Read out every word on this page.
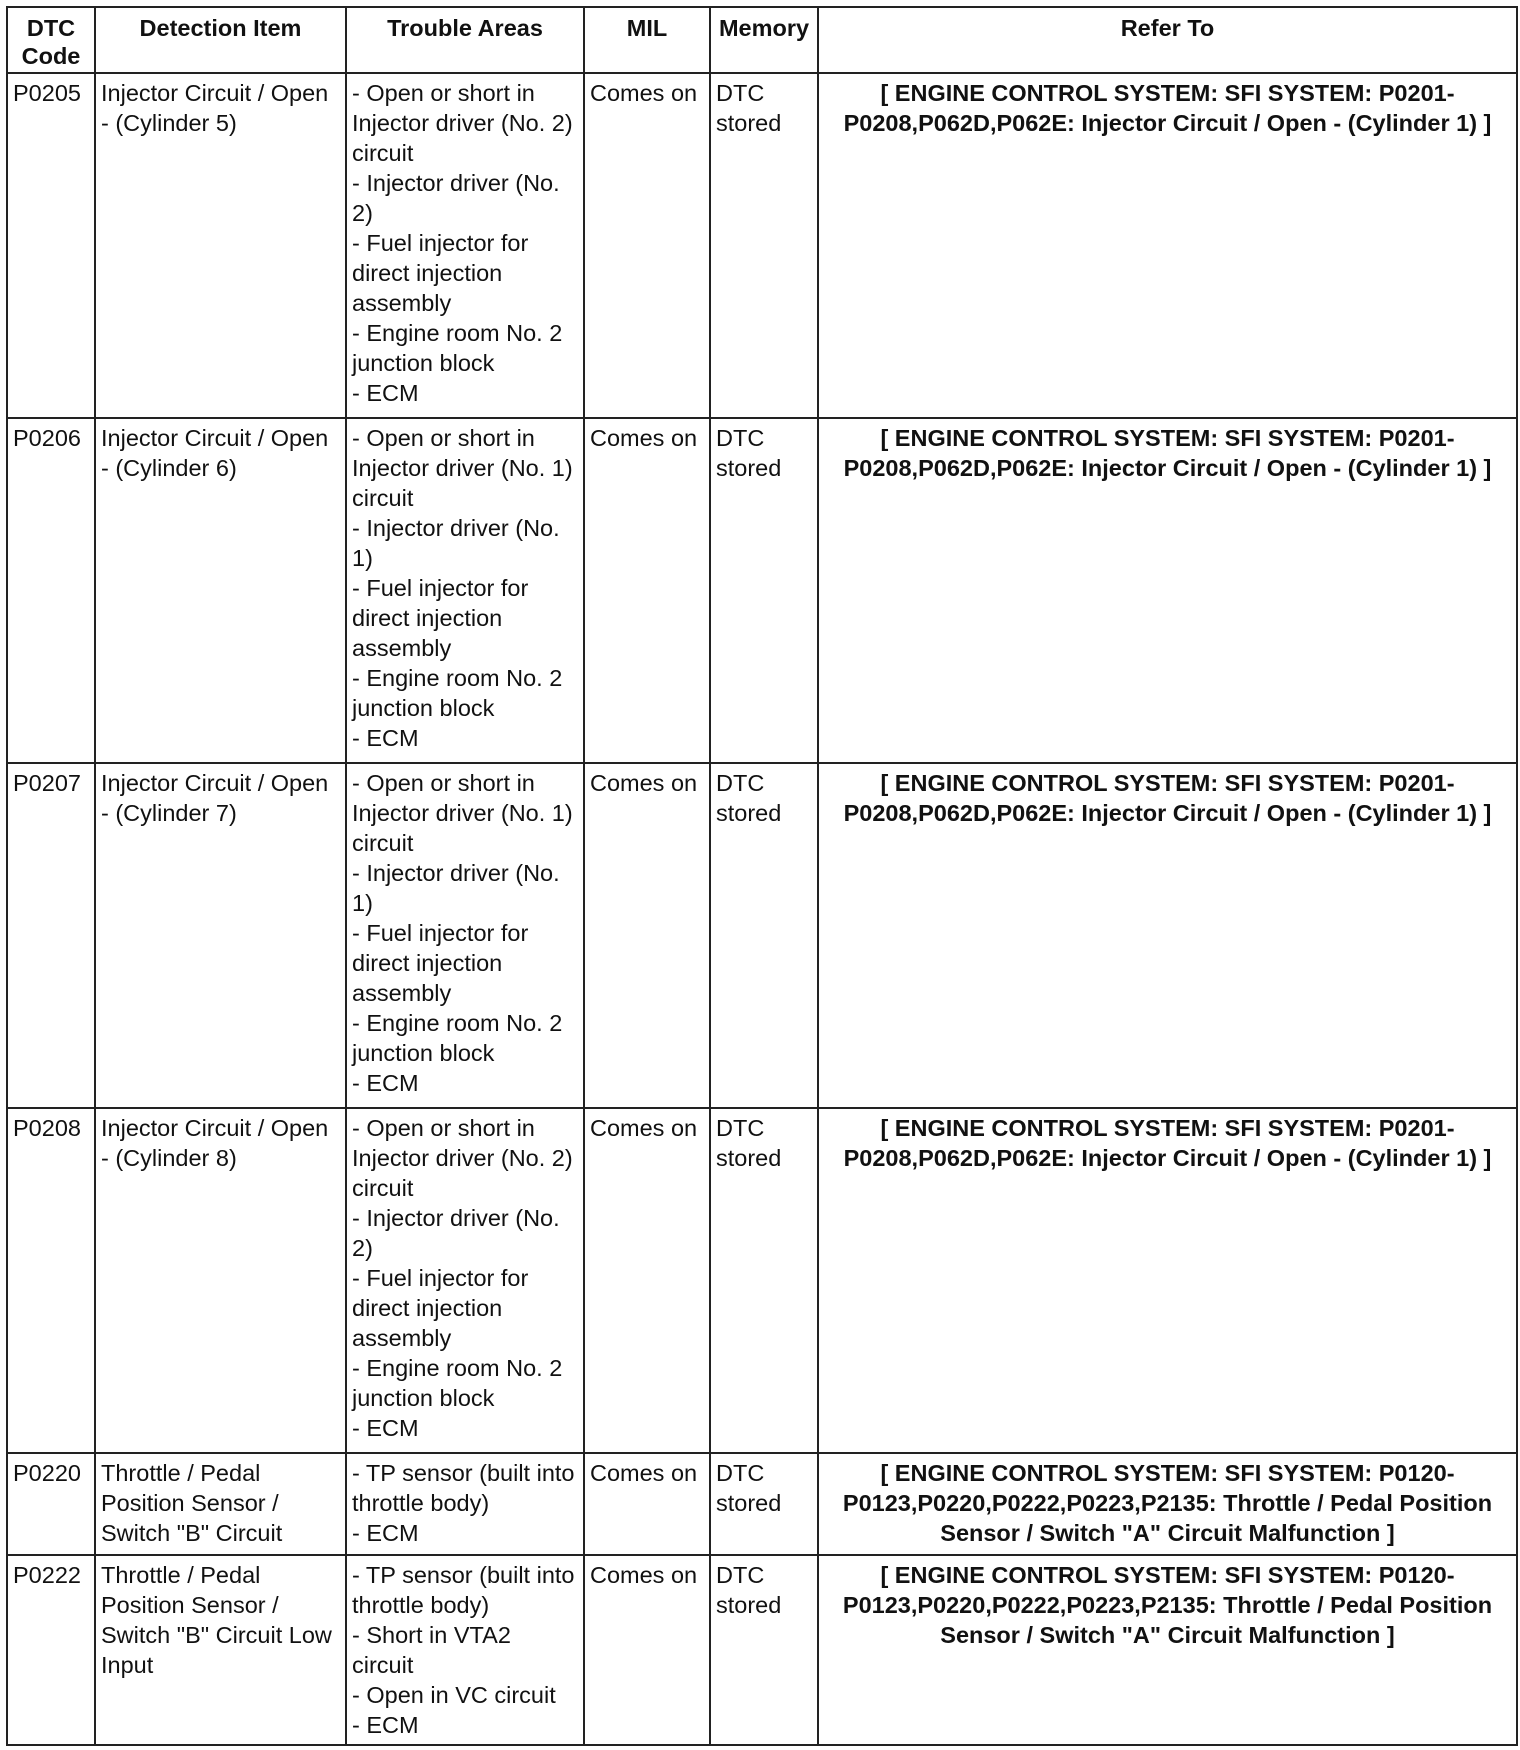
DTC Code	Detection Item	Trouble Areas	MIL	Memory	Refer To
P0205	Injector Circuit / Open - (Cylinder 5)	- Open or short in Injector driver (No. 2) circuit
- Injector driver (No. 2)
- Fuel injector for direct injection assembly
- Engine room No. 2 junction block
- ECM	Comes on	DTC stored	[ ENGINE CONTROL SYSTEM: SFI SYSTEM: P0201-P0208,P062D,P062E: Injector Circuit / Open - (Cylinder 1) ]
P0206	Injector Circuit / Open - (Cylinder 6)	- Open or short in Injector driver (No. 1) circuit
- Injector driver (No. 1)
- Fuel injector for direct injection assembly
- Engine room No. 2 junction block
- ECM	Comes on	DTC stored	[ ENGINE CONTROL SYSTEM: SFI SYSTEM: P0201-P0208,P062D,P062E: Injector Circuit / Open - (Cylinder 1) ]
P0207	Injector Circuit / Open - (Cylinder 7)	- Open or short in Injector driver (No. 1) circuit
- Injector driver (No. 1)
- Fuel injector for direct injection assembly
- Engine room No. 2 junction block
- ECM	Comes on	DTC stored	[ ENGINE CONTROL SYSTEM: SFI SYSTEM: P0201-P0208,P062D,P062E: Injector Circuit / Open - (Cylinder 1) ]
P0208	Injector Circuit / Open - (Cylinder 8)	- Open or short in Injector driver (No. 2) circuit
- Injector driver (No. 2)
- Fuel injector for direct injection assembly
- Engine room No. 2 junction block
- ECM	Comes on	DTC stored	[ ENGINE CONTROL SYSTEM: SFI SYSTEM: P0201-P0208,P062D,P062E: Injector Circuit / Open - (Cylinder 1) ]
P0220	Throttle / Pedal Position Sensor / Switch "B" Circuit	- TP sensor (built into throttle body)
- ECM	Comes on	DTC stored	[ ENGINE CONTROL SYSTEM: SFI SYSTEM: P0120-P0123,P0220,P0222,P0223,P2135: Throttle / Pedal Position Sensor / Switch "A" Circuit Malfunction ]
P0222	Throttle / Pedal Position Sensor / Switch "B" Circuit Low Input	- TP sensor (built into throttle body)
- Short in VTA2 circuit
- Open in VC circuit
- ECM	Comes on	DTC stored	[ ENGINE CONTROL SYSTEM: SFI SYSTEM: P0120-P0123,P0220,P0222,P0223,P2135: Throttle / Pedal Position Sensor / Switch "A" Circuit Malfunction ]
